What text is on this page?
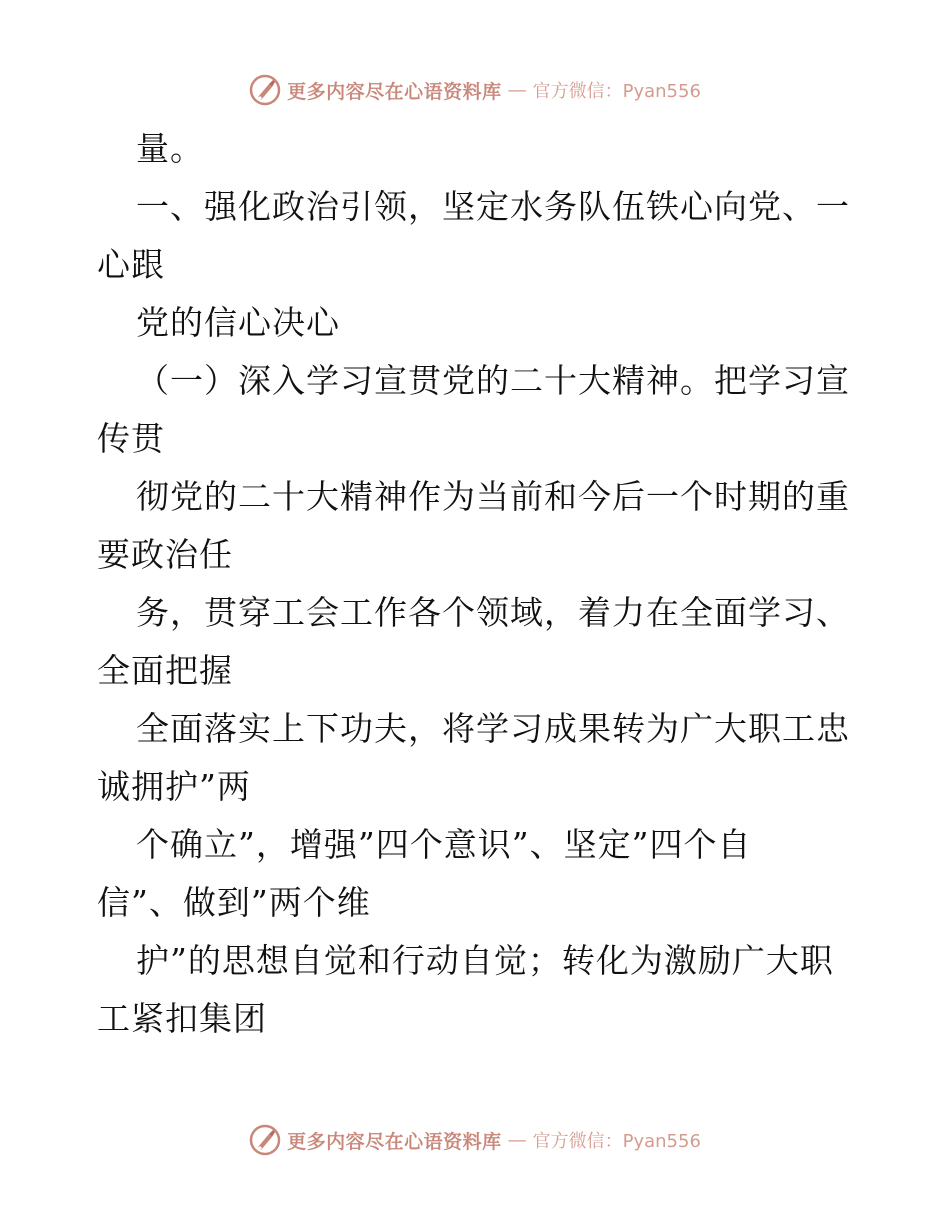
更多内容尽在心语资料库 — 官方微信：Pyan556
量。
一、强化政治引领，坚定水务队伍铁心向党、一
心跟
党的信心决心
（一）深入学习宣贯党的二十大精神。把学习宣
传贯
彻党的二十大精神作为当前和今后一个时期的重
要政治任
务，贯穿工会工作各个领域，着力在全面学习、
全面把握
全面落实上下功夫，将学习成果转为广大职工忠
诚拥护”两
个确立”，增强”四个意识”、坚定”四个自
信”、做到”两个维
护”的思想自觉和行动自觉；转化为激励广大职
工紧扣集团
更多内容尽在心语资料库 — 官方微信：Pyan556
